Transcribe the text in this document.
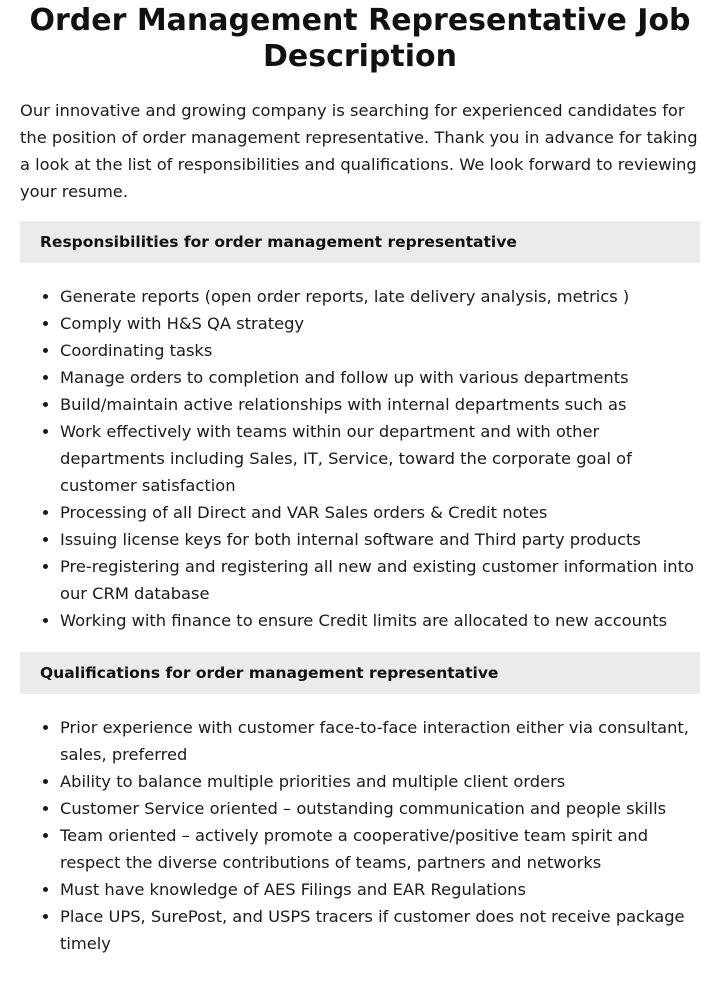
Order Management Representative Job Description

Our innovative and growing company is searching for experienced candidates for the position of order management representative. Thank you in advance for taking a look at the list of responsibilities and qualifications. We look forward to reviewing your resume.

Responsibilities for order management representative
Generate reports (open order reports, late delivery analysis, metrics )
Comply with H&S QA strategy
Coordinating tasks
Manage orders to completion and follow up with various departments
Build/maintain active relationships with internal departments such as
Work effectively with teams within our department and with other departments including Sales, IT, Service, toward the corporate goal of customer satisfaction
Processing of all Direct and VAR Sales orders & Credit notes
Issuing license keys for both internal software and Third party products
Pre-registering and registering all new and existing customer information into our CRM database
Working with finance to ensure Credit limits are allocated to new accounts
Qualifications for order management representative
Prior experience with customer face-to-face interaction either via consultant, sales, preferred
Ability to balance multiple priorities and multiple client orders
Customer Service oriented – outstanding communication and people skills
Team oriented – actively promote a cooperative/positive team spirit and respect the diverse contributions of teams, partners and networks
Must have knowledge of AES Filings and EAR Regulations
Place UPS, SurePost, and USPS tracers if customer does not receive package timely
